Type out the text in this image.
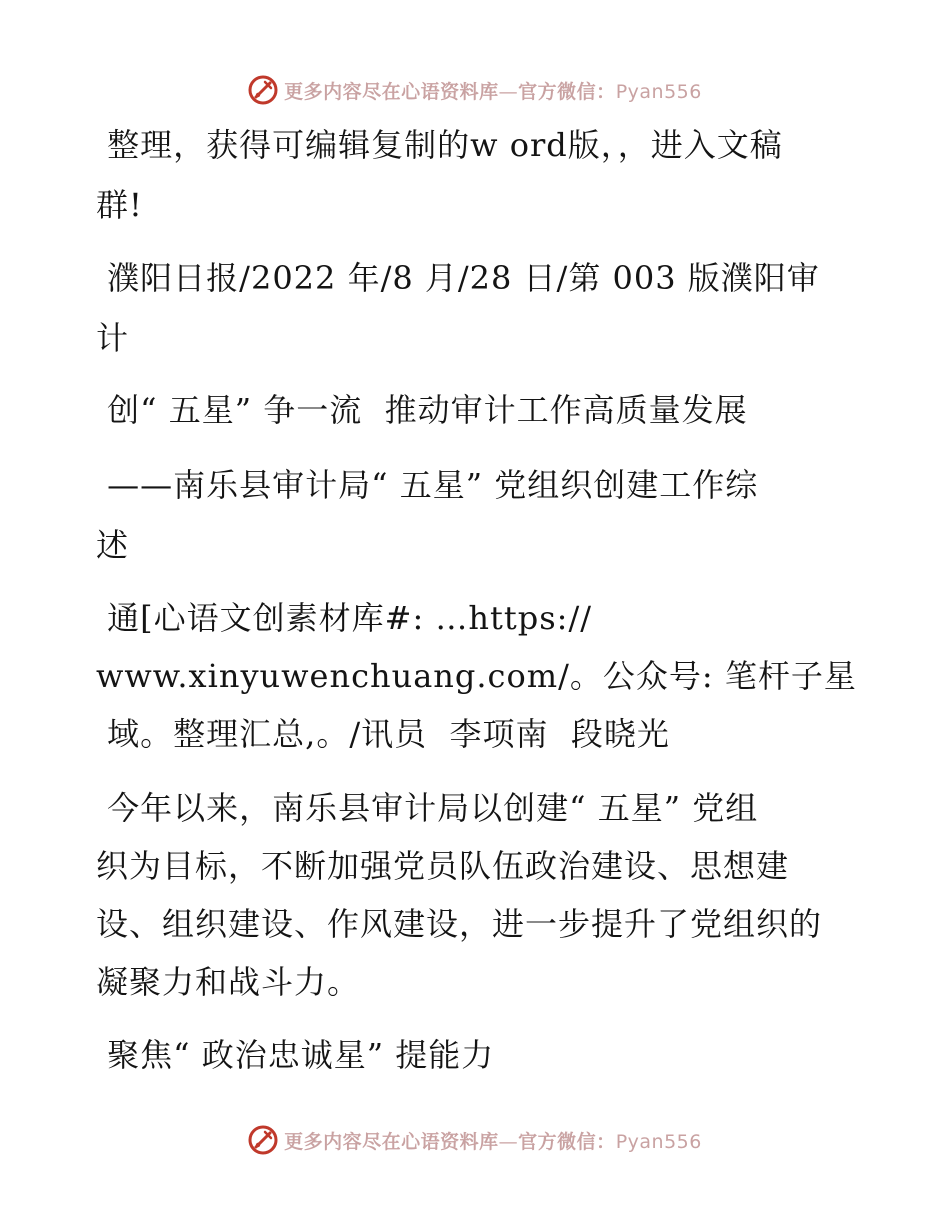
更多内容尽在心语资料库—官方微信：Pyan556
整理，获得可编辑复制的w ord版，，进入文稿
群!
濮阳日报/2022 年/8 月/28 日/第 003 版濮阳审
计
创“ 五星” 争一流  推动审计工作高质量发展
——南乐县审计局“ 五星” 党组织创建工作综
述
通[心语文创素材库#: …https://
www.xinyuwenchuang.com/。公众号: 笔杆子星
域。整理汇总,。/讯员  李项南  段晓光
今年以来，南乐县审计局以创建“ 五星” 党组
织为目标，不断加强党员队伍政治建设、思想建
设、组织建设、作风建设，进一步提升了党组织的
凝聚力和战斗力。
聚焦“ 政治忠诚星” 提能力
更多内容尽在心语资料库—官方微信：Pyan556
